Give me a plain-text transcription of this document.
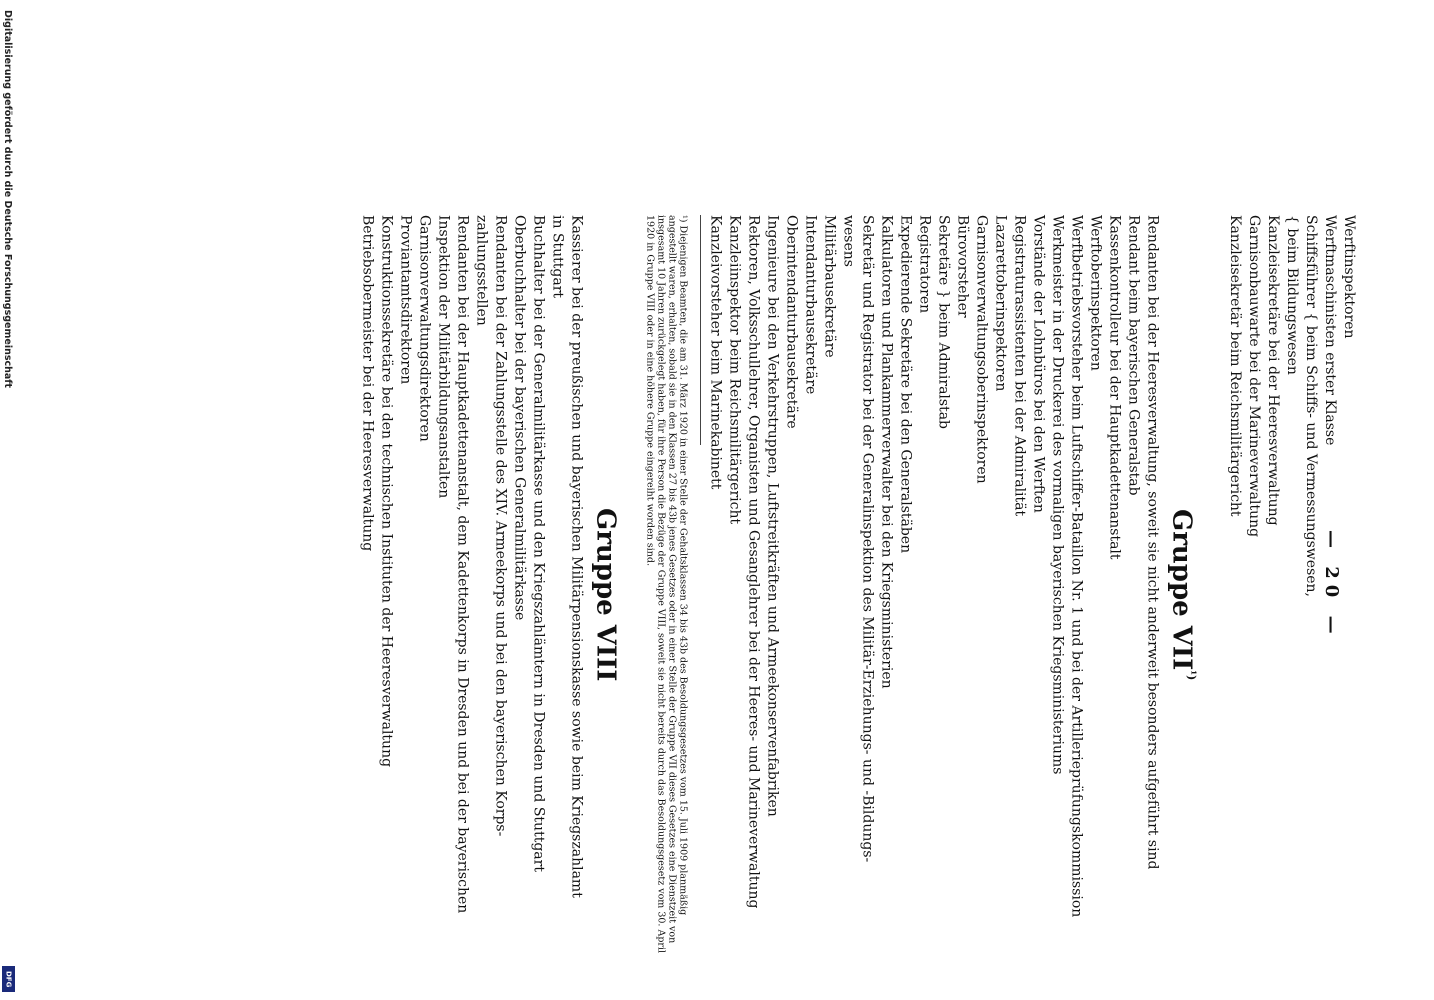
Digitalisierung gefördert durch die Deutsche Forschungsgemeinschaft
DFG
— 20 —
Werftinspektoren
Werftmaschinisten erster Klasse
Schiffsführer { beim Schiffs- und Vermessungswesen,
{ beim Bildungswesen
Kanzleisekretäre bei der Heeresverwaltung
Garnisonbauwarte bei der Marineverwaltung
Kanzleisekretär beim Reichsmilitärgericht
Gruppe $VII^{^1)}$
Rendanten bei der Heeresverwaltung, soweit sie nicht anderweit besonders aufgeführt sind
Rendant beim bayerischen Generalstab
Kassenkontrolleur bei der Hauptkadettenanstalt
Werftoberinspektoren
Werftbetriebsvorsteher beim Luftschiffer-Bataillon Nr. 1 und bei der Artillerieprüfungskommission
Werkmeister in der Druckerei des vormaligen bayerischen Kriegsministeriums
Vorstände der Lohnbüros bei den Werften
Registraturassistenten bei der Admiralität
Lazarettoberinspektoren
Garnisonverwaltungsoberinspektoren
Bürovorsteher
Sekretäre } beim Admiralstab
Registratoren
Expedierende Sekretäre bei den Generalstäben
Kalkulatoren und Plankammerverwalter bei den Kriegsministerien
Sekretär und Registrator bei der Generalinspektion des Militär-Erziehungs- und -Bildungs-
wesens
Militärbausekretäre
Intendanturbausekretäre
Oberintendanturbausekretäre
Ingenieure bei den Verkehrstruppen, Luftstreitkräften und Armeekonservenfabriken
Rektoren, Volksschullehrer, Organisten und Gesanglehrer bei der Heeres- und Marineverwaltung
Kanzleiinspektor beim Reichsmilitärgericht
Kanzleivorsteher beim Marinekabinett
¹) Diejenigen Beamten, die am 31. März 1920 in einer Stelle der Gehaltsklassen 34 bis 43b des Besoldungsgesetzes vom 15. Juli 1909 planmäßig angestellt waren, erhalten, sobald sie in den Klassen 27 bis 43b jenes Gesetzes oder in einer Stelle der Gruppe VII dieses Gesetzes eine Dienstzeit von insgesamt 10 Jahren zurückgelegt haben, für ihre Person die Bezüge der Gruppe VIII, soweit sie nicht bereits durch das Besoldungsgesetz vom 30. April 1920 in Gruppe VIII oder in eine höhere Gruppe eingereiht worden sind.
Gruppe VIII
Kassierer bei der preußischen und bayerischen Militärpensionskasse sowie beim Kriegszahlamt
in Stuttgart
Buchhalter bei der Generalmilitärkasse und den Kriegszahlämtern in Dresden und Stuttgart
Oberbuchhalter bei der bayerischen Generalmilitärkasse
Rendanten bei der Zahlungsstelle des XIV. Armeekorps und bei den bayerischen Korps-
zahlungsstellen
Rendanten bei der Hauptkadettenanstalt, dem Kadettenkorps in Dresden und bei der bayerischen
Inspektion der Militärbildungsanstalten
Garnisonverwaltungsdirektoren
Proviantamtsdirektoren
Konstruktionssekretäre bei den technischen Instituten der Heeresverwaltung
Betriebsobermeister bei der Heeresverwaltung
